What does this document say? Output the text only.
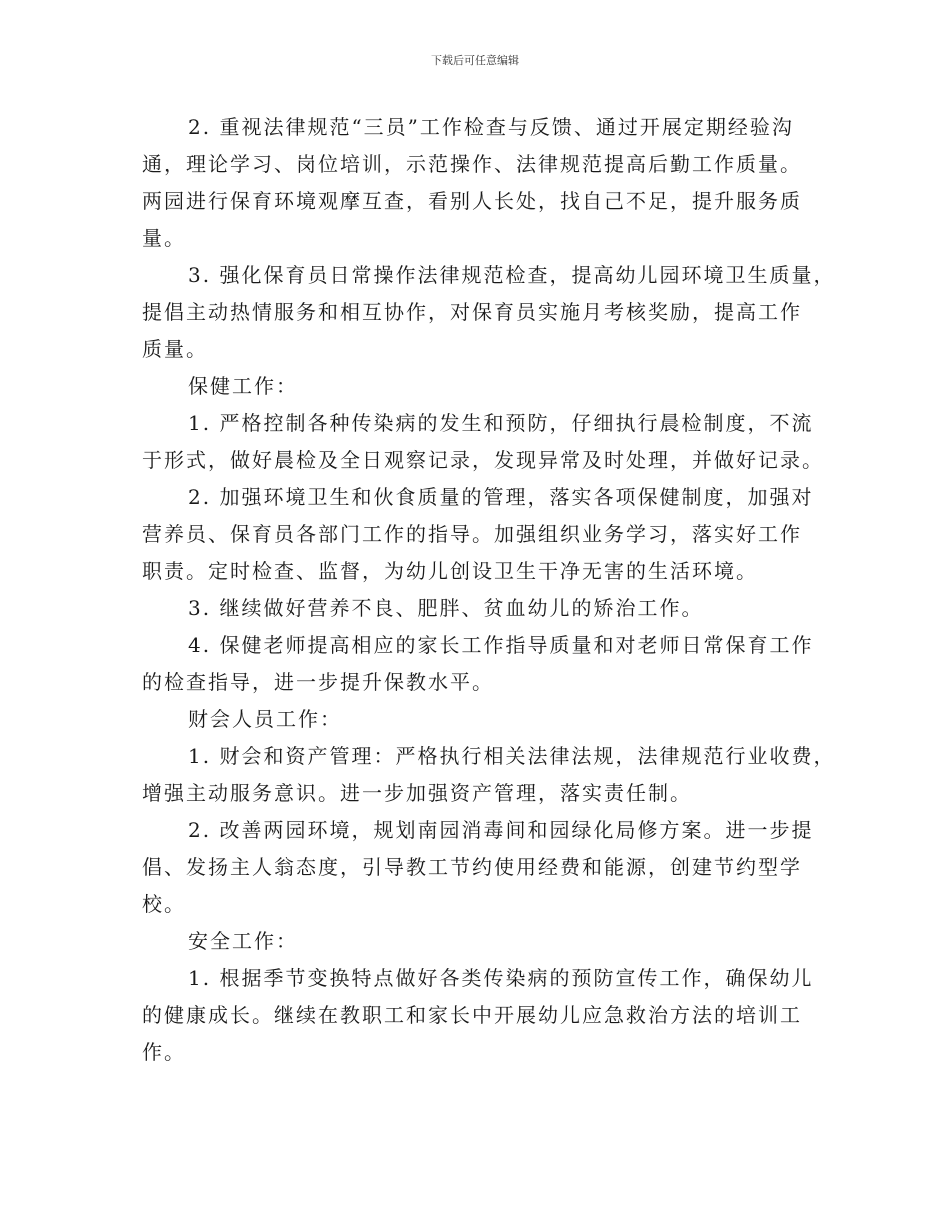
下载后可任意编辑

2. 重视法律规范“三员”工作检查与反馈、通过开展定期经验沟
通，理论学习、岗位培训，示范操作、法律规范提高后勤工作质量。
两园进行保育环境观摩互查，看别人长处，找自己不足，提升服务质
量。

3. 强化保育员日常操作法律规范检查，提高幼儿园环境卫生质量，
提倡主动热情服务和相互协作，对保育员实施月考核奖励，提高工作
质量。

保健工作：

1. 严格控制各种传染病的发生和预防，仔细执行晨检制度，不流
于形式，做好晨检及全日观察记录，发现异常及时处理，并做好记录。

2. 加强环境卫生和伙食质量的管理，落实各项保健制度，加强对
营养员、保育员各部门工作的指导。加强组织业务学习，落实好工作
职责。定时检查、监督，为幼儿创设卫生干净无害的生活环境。

3. 继续做好营养不良、肥胖、贫血幼儿的矫治工作。

4. 保健老师提高相应的家长工作指导质量和对老师日常保育工作
的检查指导，进一步提升保教水平。

财会人员工作：

1. 财会和资产管理：严格执行相关法律法规，法律规范行业收费，
增强主动服务意识。进一步加强资产管理，落实责任制。

2. 改善两园环境，规划南园消毒间和园绿化局修方案。进一步提
倡、发扬主人翁态度，引导教工节约使用经费和能源，创建节约型学
校。

安全工作：

1. 根据季节变换特点做好各类传染病的预防宣传工作，确保幼儿
的健康成长。继续在教职工和家长中开展幼儿应急救治方法的培训工
作。
